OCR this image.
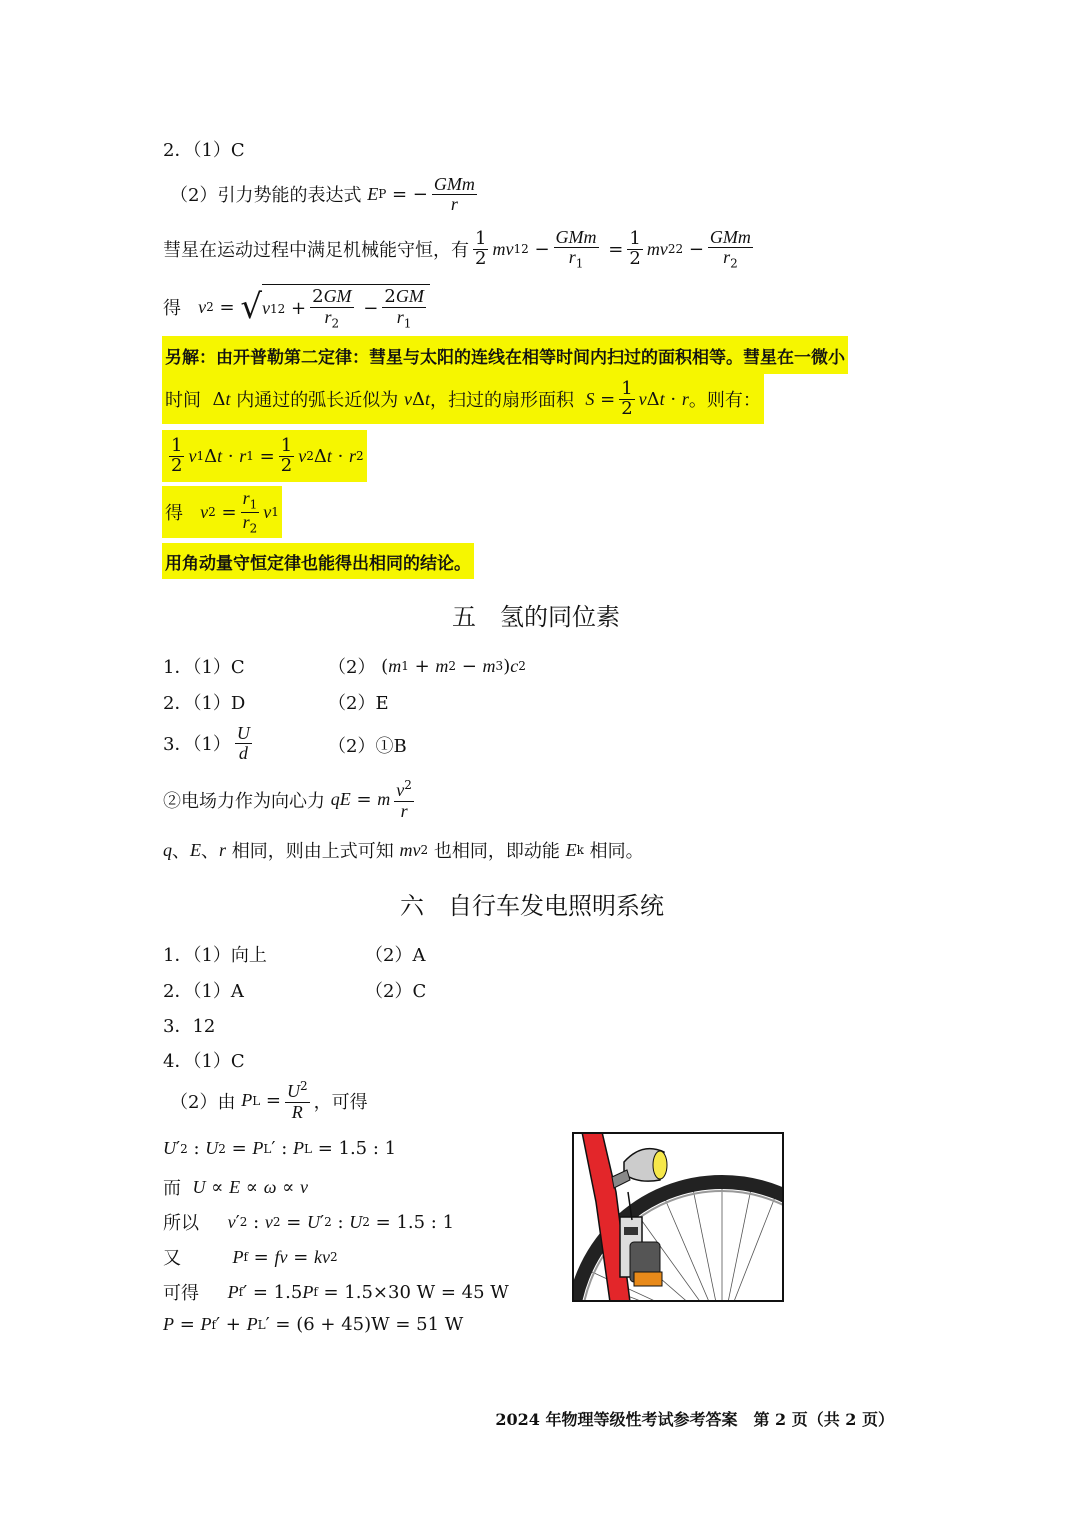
2．（1）C
（2）引力势能的表达式
E P = − $\frac{\text{GMm}}{r}$
彗星在运动过程中满足机械能守恒，有 $\frac{1}{2}$ mv 1 $2 - \frac{\text{GMm}}{r_1} = \frac{1}{2}$ mv 2 $2 - \frac{\text{GMm}}{r_2}$
得
v 2 = √ v 1 $2 + \frac{2GM}{r_2} - \frac{2GM}{r_1}$
另解：由开普勒第二定律：彗星与太阳的连线在相等时间内扫过的面积相等。彗星在一微小
时间 Δ t
内通过的弧长近似为
v Δ t ，扫过的扇形面积
$S = \frac{1}{2}$ v Δ t · r 。则有：
$\frac{1}{2}$ v 1 Δ t · r $1 = \frac{1}{2}$ v 2 Δ t · r 2
得
v $2 = \frac{r_1}{r_2}$ v 1
用角动量守恒定律也能得出相同的结论。
五　氢的同位素
1．（1）C	（2） ( m 1 + m 2 − m 3 ) c 2
2．（1）D	（2）E
3．$(1) \frac{U}{d}$	（2）①B
②电场力作为向心力
qE = m $\frac{v^2}{r}$
q 、 E 、 r
相同，则由上式可知
mv 2
也相同，即动能
E k
相同。
六　自行车发电照明系统
1．（1）向上	（2）A
2．（1）A	（2）C
3．12
4．（1）C
（2）由
P $L = \frac{U^2}{R}$ ，可得
U ′ 2 : U 2 = P L ′ : P L = 1.5 : 1
而
U ∝ E ∝ ω ∝ v
所以
v ′ 2 : v 2 = U ′ 2 : U 2 = 1.5 : 1
又
	P f = fv = kv 2
可得
P f ′ = 1.5 P f = 1.5×30 W = 45 W
P = P f ′ + P L ′ = (6 + 45)W = 51 W
2024 年物理等级性考试参考答案　第 2 页（共 2 页）
